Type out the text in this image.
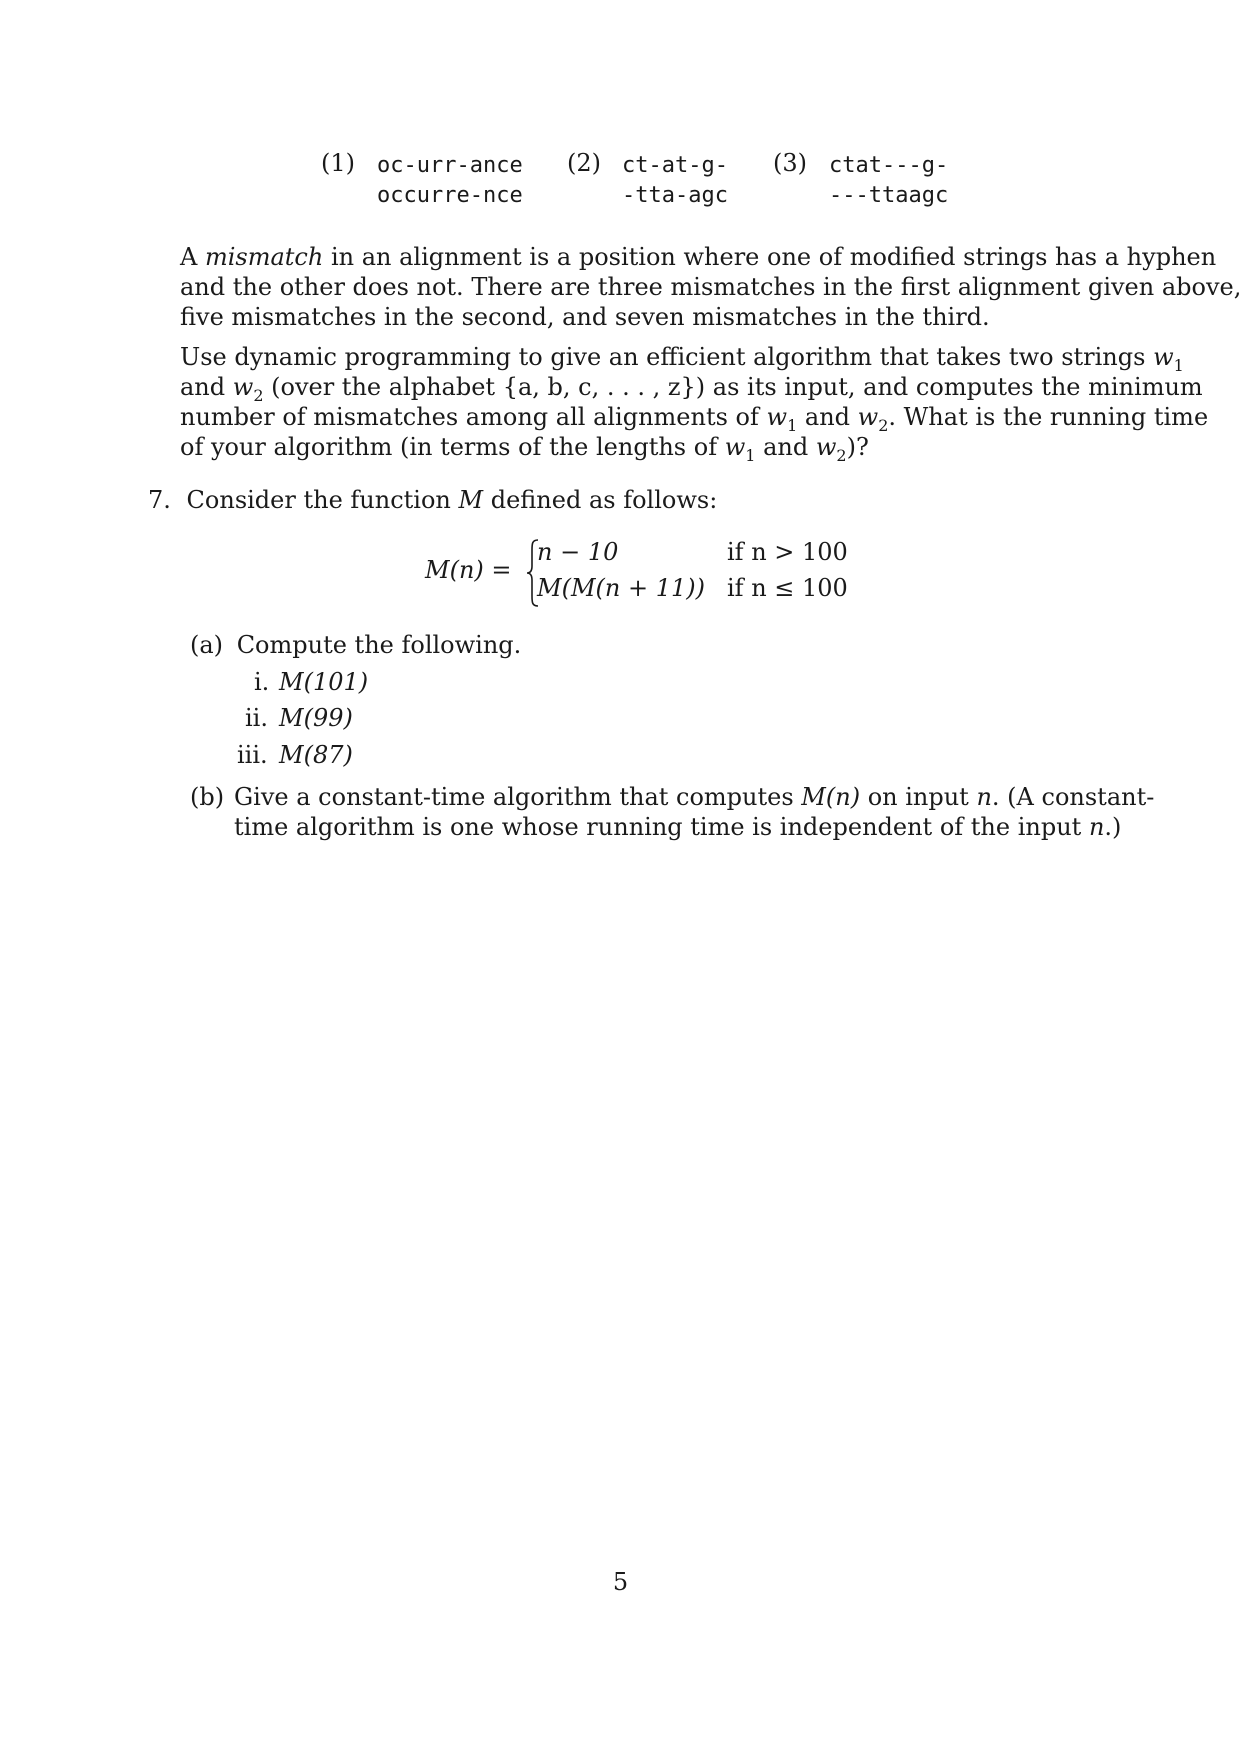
(1) oc-urr-ance
occurre-nce
(2) ct-at-g-
-tta-agc
(3) ctat---g-
---ttaagc
A mismatch in an alignment is a position where one of modified strings has a hyphen
and the other does not. There are three mismatches in the first alignment given above,
five mismatches in the second, and seven mismatches in the third.
Use dynamic programming to give an efficient algorithm that takes two strings $w_1$
and $w_2$ (over the alphabet {a, b, c, . . . , z}) as its input, and computes the minimum
number of mismatches among all alignments of $w_1$ and $w_2$. What is the running time
of your algorithm (in terms of the lengths of $w_1$ and $w_2$)?
7. Consider the function M defined as follows:
M(n) =
n − 10	if n > 100
M(M(n + 11)) if n ≤ 100
(a) Compute the following.
i. M(101)
ii. M(99)
iii. M(87)
(b) Give a constant-time algorithm that computes M(n) on input n. (A constant-
time algorithm is one whose running time is independent of the input n.)
5
